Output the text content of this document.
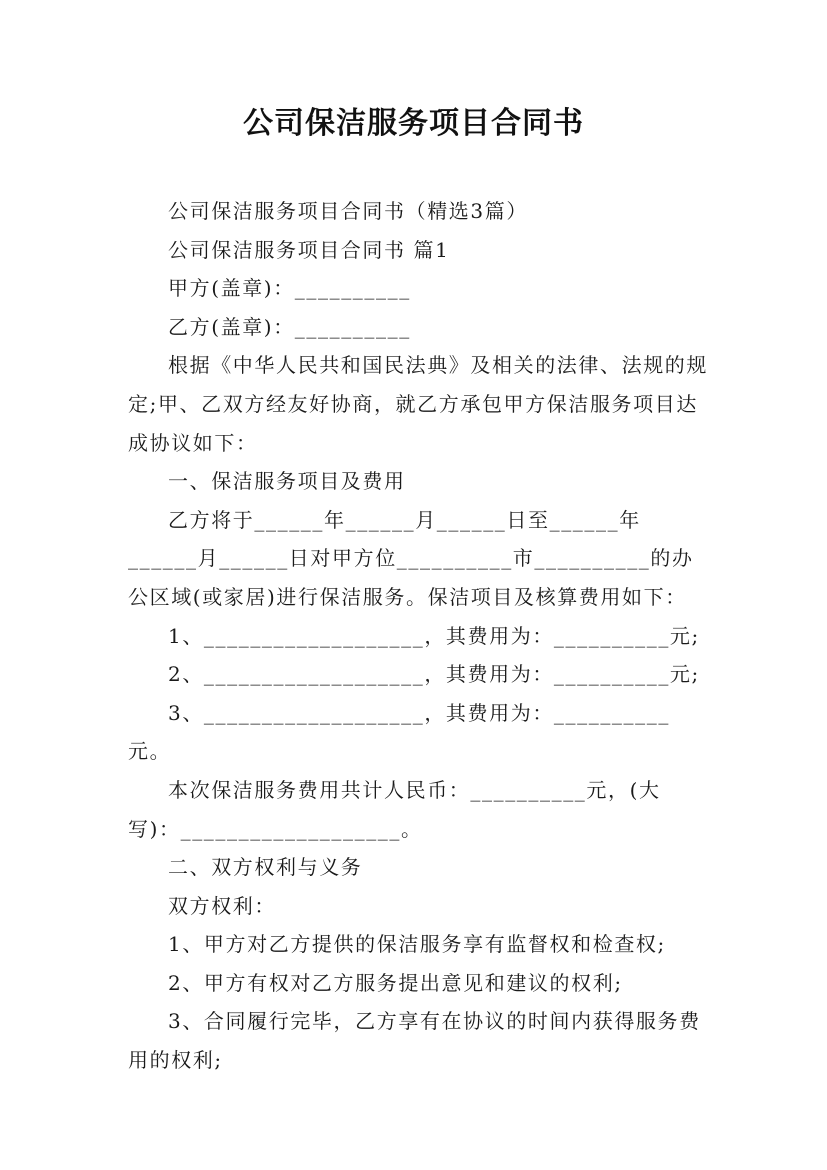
公司保洁服务项目合同书

公司保洁服务项目合同书（精选3篇）

公司保洁服务项目合同书 篇1

甲方(盖章)：__________

乙方(盖章)：__________

根据《中华人民共和国民法典》及相关的法律、法规的规定;甲、乙双方经友好协商，就乙方承包甲方保洁服务项目达成协议如下：

一、保洁服务项目及费用

乙方将于______年______月______日至______年______月______日对甲方位__________市__________的办公区域(或家居)进行保洁服务。保洁项目及核算费用如下：

1、___________________，其费用为：__________元;

2、___________________，其费用为：__________元;

3、___________________，其费用为：__________元。

本次保洁服务费用共计人民币：__________元，(大写)：___________________。

二、双方权利与义务

双方权利：

1、甲方对乙方提供的保洁服务享有监督权和检查权;

2、甲方有权对乙方服务提出意见和建议的权利;

3、合同履行完毕，乙方享有在协议的时间内获得服务费用的权利;
